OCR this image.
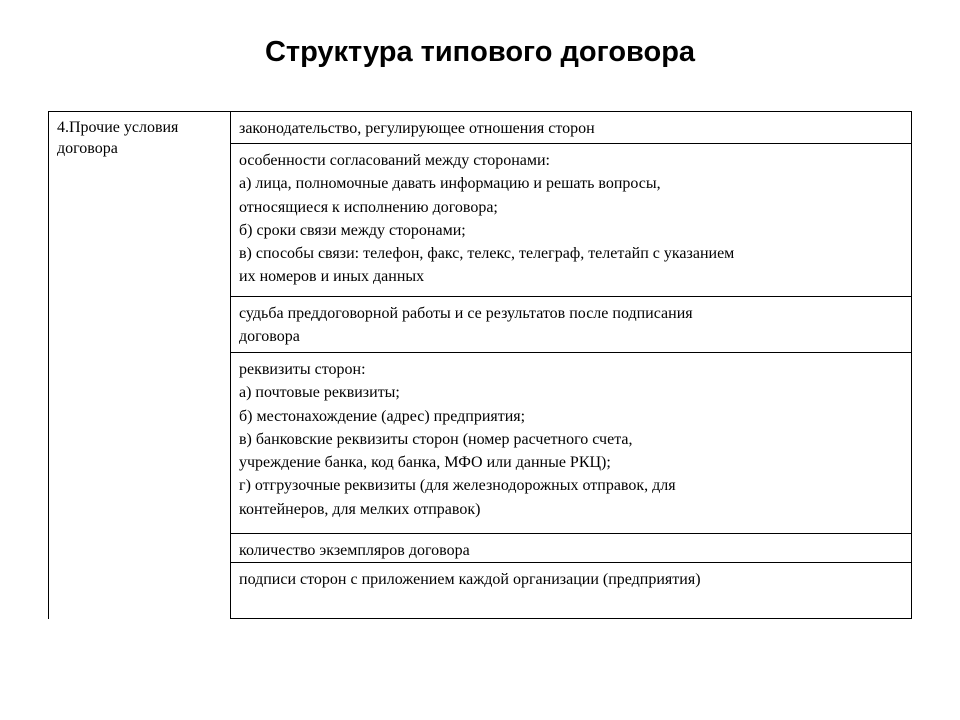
Структура типового договора
4.Прочие условия
договора
законодательство, регулирующее отношения сторон
особенности согласований между сторонами:
а) лица, полномочные давать информацию и решать вопросы,
относящиеся к исполнению договора;
б) сроки связи между сторонами;
в) способы связи: телефон, факс, телекс, телеграф, телетайп с указанием
их номеров и иных данных
судьба преддоговорной работы и се результатов после подписания
договора
реквизиты сторон:
а) почтовые реквизиты;
б) местонахождение (адрес) предприятия;
в) банковские реквизиты сторон (номер расчетного счета,
учреждение банка, код банка, МФО или данные РКЦ);
г) отгрузочные реквизиты (для железнодорожных отправок, для
контейнеров, для мелких отправок)
количество экземпляров договора
подписи сторон с приложением каждой организации (предприятия)
